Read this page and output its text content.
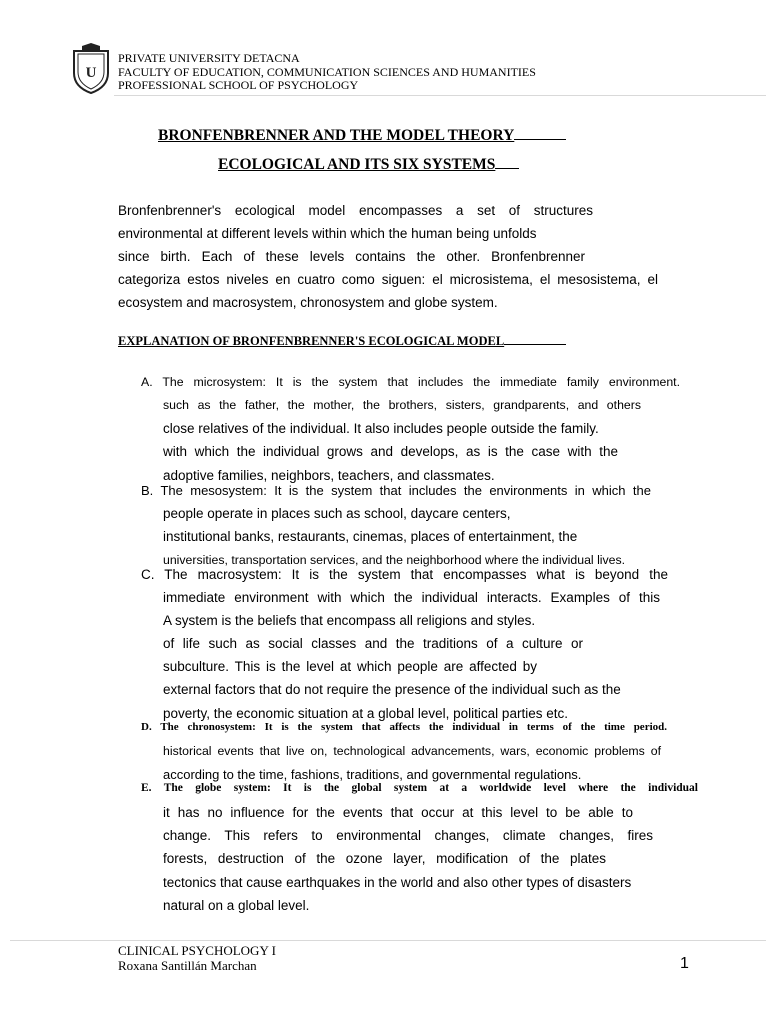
U
PRIVATE UNIVERSITY DETACNA
FACULTY OF EDUCATION, COMMUNICATION SCIENCES AND HUMANITIES
PROFESSIONAL SCHOOL OF PSYCHOLOGY
BRONFENBRENNER AND THE MODEL THEORY
ECOLOGICAL AND ITS SIX SYSTEMS
Bronfenbrenner's ecological model encompasses a set of structures
environmental at different levels within which the human being unfolds
since birth. Each of these levels contains the other. Bronfenbrenner
categoriza estos niveles en cuatro como siguen: el microsistema, el mesosistema, el
ecosystem and macrosystem, chronosystem and globe system.
EXPLANATION OF BRONFENBRENNER'S ECOLOGICAL MODEL
A. The microsystem: It is the system that includes the immediate family environment.
such as the father, the mother, the brothers, sisters, grandparents, and others
close relatives of the individual. It also includes people outside the family.
with which the individual grows and develops, as is the case with the
adoptive families, neighbors, teachers, and classmates.
B. The mesosystem: It is the system that includes the environments in which the
people operate in places such as school, daycare centers,
institutional banks, restaurants, cinemas, places of entertainment, the
universities, transportation services, and the neighborhood where the individual lives.
C. The macrosystem: It is the system that encompasses what is beyond the
immediate environment with which the individual interacts. Examples of this
A system is the beliefs that encompass all religions and styles.
of life such as social classes and the traditions of a culture or
subculture. This is the level at which people are affected by
external factors that do not require the presence of the individual such as the
poverty, the economic situation at a global level, political parties etc.
D. The chronosystem: It is the system that affects the individual in terms of the time period.
historical events that live on, technological advancements, wars, economic problems of
according to the time, fashions, traditions, and governmental regulations.
E. The globe system: It is the global system at a worldwide level where the individual
it has no influence for the events that occur at this level to be able to
change. This refers to environmental changes, climate changes, fires
forests, destruction of the ozone layer, modification of the plates
tectonics that cause earthquakes in the world and also other types of disasters
natural on a global level.
CLINICAL PSYCHOLOGY I
Roxana Santillán Marchan	1
